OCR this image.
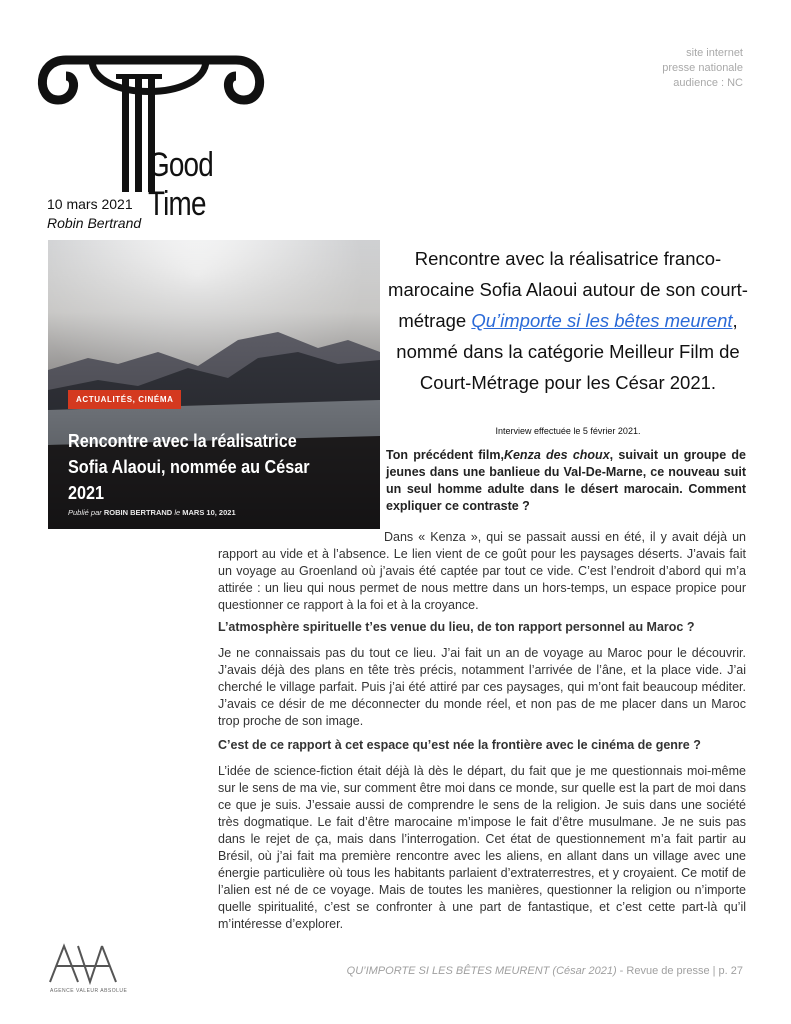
site internet
presse nationale
audience : NC
Good Time
10 mars 2021
Robin Bertrand
ACTUALITÉS, CINÉMA
Rencontre avec la réalisatrice Sofia Alaoui, nommée au César 2021
Publié par ROBIN BERTRAND le MARS 10, 2021
Rencontre avec la réalisatrice franco-marocaine Sofia Alaoui autour de son court-métrage Qu’importe si les bêtes meurent, nommé dans la catégorie Meilleur Film de Court-Métrage pour les César 2021.
Interview effectuée le 5 février 2021.
Ton précédent film,Kenza des choux, suivait un groupe de jeunes dans une banlieue du Val-De-Marne, ce nouveau suit un seul homme adulte dans le désert marocain. Comment expliquer ce contraste ?
Dans « Kenza », qui se passait aussi en été, il y avait déjà un rapport au vide et à l’absence. Le lien vient de ce goût pour les paysages déserts. J’avais fait un voyage au Groenland où j’avais été captée par tout ce vide. C’est l’endroit d’abord qui m’a attirée : un lieu qui nous permet de nous mettre dans un hors-temps, un espace propice pour questionner ce rapport à la foi et à la croyance.
L’atmosphère spirituelle t’es venue du lieu, de ton rapport personnel au Maroc ?
Je ne connaissais pas du tout ce lieu. J’ai fait un an de voyage au Maroc pour le découvrir. J’avais déjà des plans en tête très précis, notamment l’arrivée de l’âne, et la place vide. J’ai cherché le village parfait. Puis j’ai été attiré par ces paysages, qui m’ont fait beaucoup méditer. J’avais ce désir de me déconnecter du monde réel, et non pas de me placer dans un Maroc trop proche de son image.
C’est de ce rapport à cet espace qu’est née la frontière avec le cinéma de genre ?
L’idée de science-fiction était déjà là dès le départ, du fait que je me questionnais moi-même sur le sens de ma vie, sur comment être moi dans ce monde, sur quelle est la part de moi dans ce que je suis. J’essaie aussi de comprendre le sens de la religion. Je suis dans une société très dogmatique. Le fait d’être marocaine m’impose le fait d’être musulmane. Je ne suis pas dans le rejet de ça, mais dans l’interrogation. Cet état de questionnement m’a fait partir au Brésil, où j’ai fait ma première rencontre avec les aliens, en allant dans un village avec une énergie particulière où tous les habitants parlaient d’extraterrestres, et y croyaient. Ce motif de l’alien est né de ce voyage. Mais de toutes les manières, questionner la religion ou n’importe quelle spiritualité, c’est se confronter à une part de fantastique, et c’est cette part-là qu’il m’intéresse d’explorer.
AGENCE VALEUR ABSOLUE
QU’IMPORTE SI LES BÊTES MEURENT (César 2021) - Revue de presse | p. 27
